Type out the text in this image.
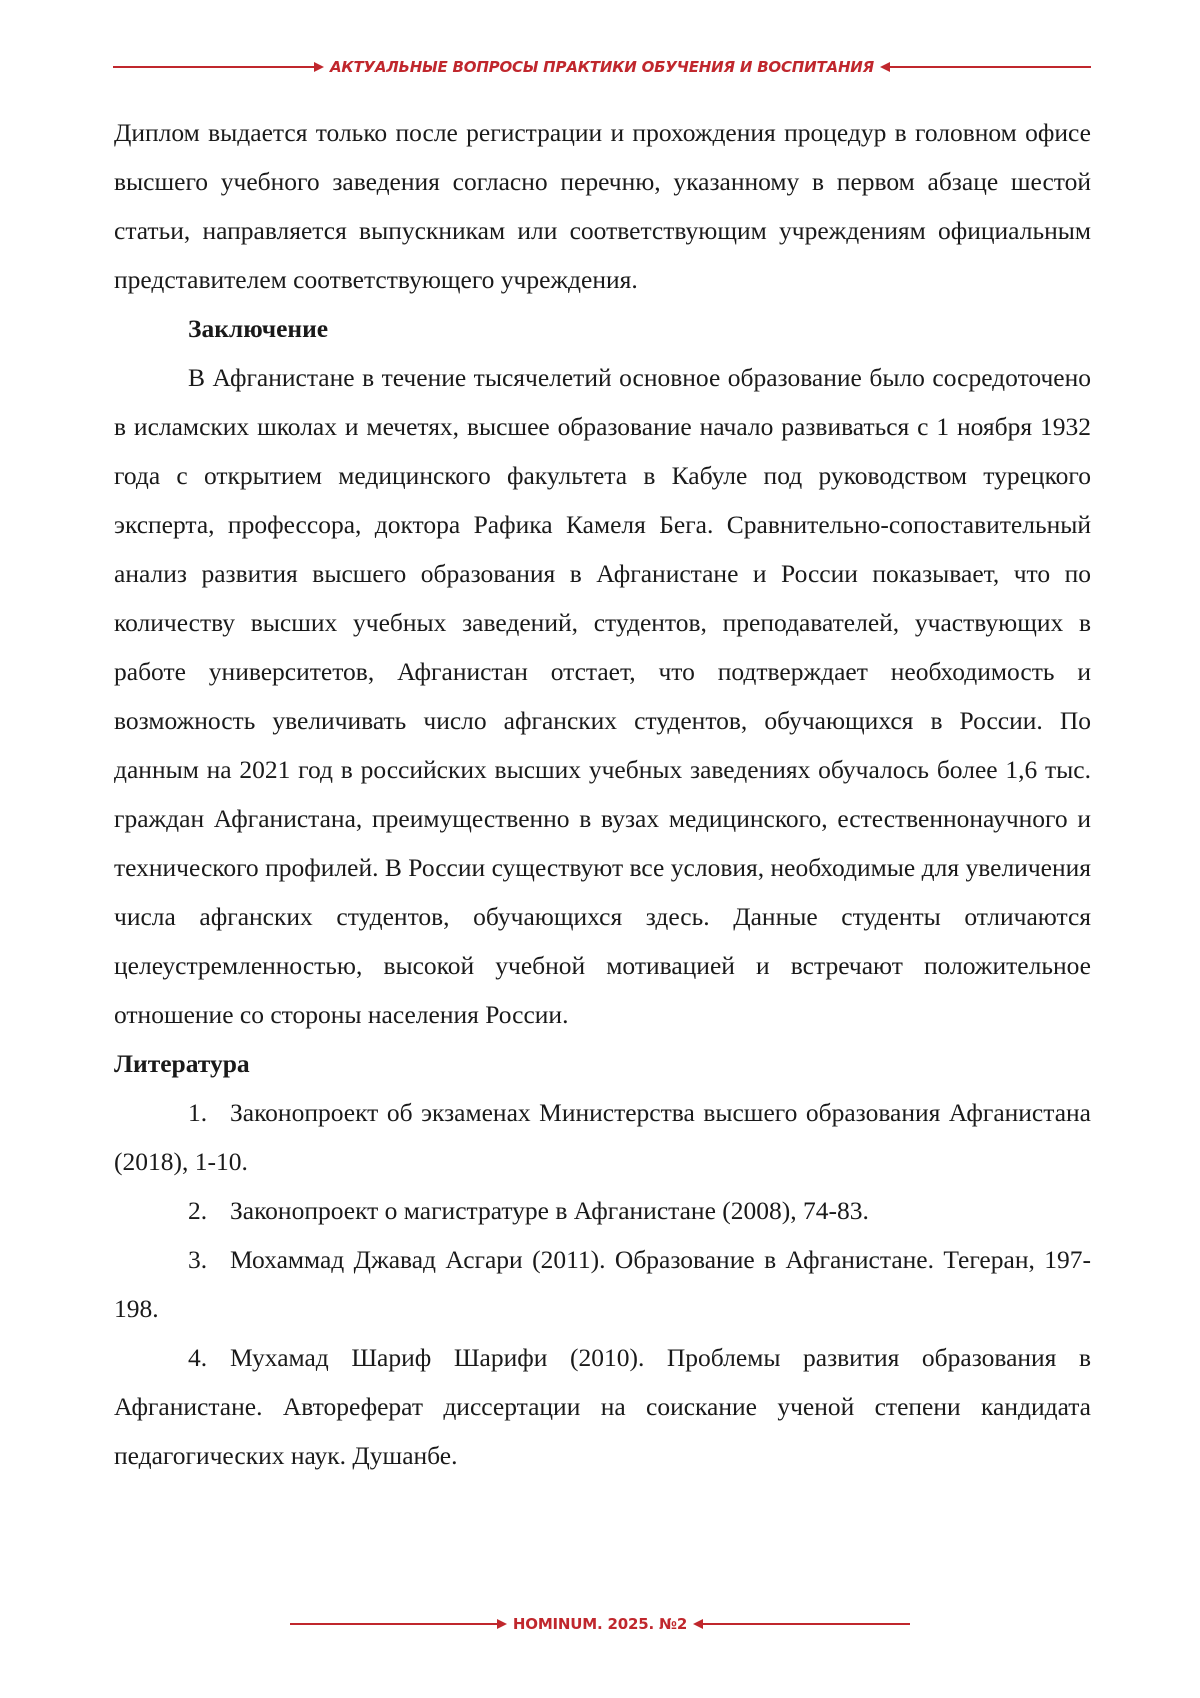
АКТУАЛЬНЫЕ ВОПРОСЫ ПРАКТИКИ ОБУЧЕНИЯ И ВОСПИТАНИЯ

Диплом выдается только после регистрации и прохождения процедур в головном офисе высшего учебного заведения согласно перечню, указанному в первом абзаце шестой статьи, направляется выпускникам или соответствующим учреждениям официальным представителем соответствующего учреждения.

Заключение

В Афганистане в течение тысячелетий основное образование было сосредоточено в исламских школах и мечетях, высшее образование начало развиваться с 1 ноября 1932 года с открытием медицинского факультета в Кабуле под руководством турецкого эксперта, профессора, доктора Рафика Камеля Бега. Сравнительно-сопоставительный анализ развития высшего образования в Афганистане и России показывает, что по количеству высших учебных заведений, студентов, преподавателей, участвующих в работе университетов, Афганистан отстает, что подтверждает необходимость и возможность увеличивать число афганских студентов, обучающихся в России. По данным на 2021 год в российских высших учебных заведениях обучалось более 1,6 тыс. граждан Афганистана, преимущественно в вузах медицинского, естественнонаучного и технического профилей. В России существуют все условия, необходимые для увеличения числа афганских студентов, обучающихся здесь. Данные студенты отличаются целеустремленностью, высокой учебной мотивацией и встречают положительное отношение со стороны населения России.

Литература

1. Законопроект об экзаменах Министерства высшего образования Афганистана (2018), 1-10.

2. Законопроект о магистратуре в Афганистане (2008), 74-83.

3. Мохаммад Джавад Асгари (2011). Образование в Афганистане. Тегеран, 197-198.

4. Мухамад Шариф Шарифи (2010). Проблемы развития образования в Афганистане. Автореферат диссертации на соискание ученой степени кандидата педагогических наук. Душанбе.

HOMINUM. 2025. №2
